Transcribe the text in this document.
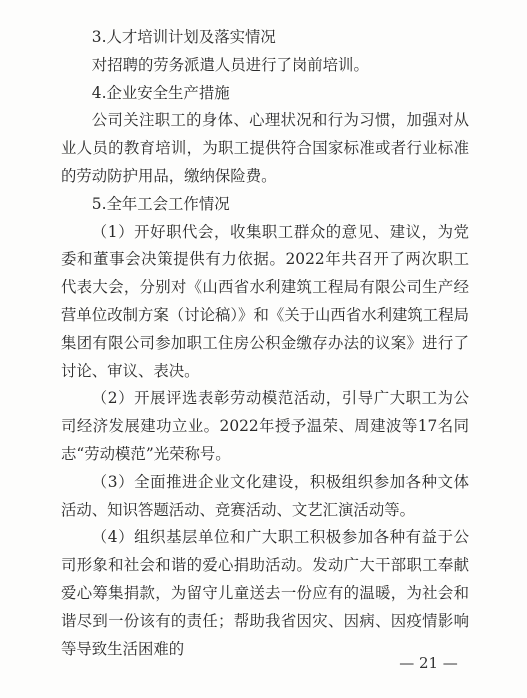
3.人才培训计划及落实情况

对招聘的劳务派遣人员进行了岗前培训。

4.企业安全生产措施

公司关注职工的身体、心理状况和行为习惯，加强对从业人员的教育培训，为职工提供符合国家标准或者行业标准的劳动防护用品，缴纳保险费。

5.全年工会工作情况

（1）开好职代会，收集职工群众的意见、建议，为党委和董事会决策提供有力依据。2022年共召开了两次职工代表大会，分别对《山西省水利建筑工程局有限公司生产经营单位改制方案（讨论稿）》和《关于山西省水利建筑工程局集团有限公司参加职工住房公积金缴存办法的议案》进行了讨论、审议、表决。

（2）开展评选表彰劳动模范活动，引导广大职工为公司经济发展建功立业。2022年授予温荣、周建波等17名同志“劳动模范”光荣称号。

（3）全面推进企业文化建设，积极组织参加各种文体活动、知识答题活动、竞赛活动、文艺汇演活动等。

（4）组织基层单位和广大职工积极参加各种有益于公司形象和社会和谐的爱心捐助活动。发动广大干部职工奉献爱心筹集捐款，为留守儿童送去一份应有的温暖，为社会和谐尽到一份该有的责任；帮助我省因灾、因病、因疫情影响等导致生活困难的

— 21 —
